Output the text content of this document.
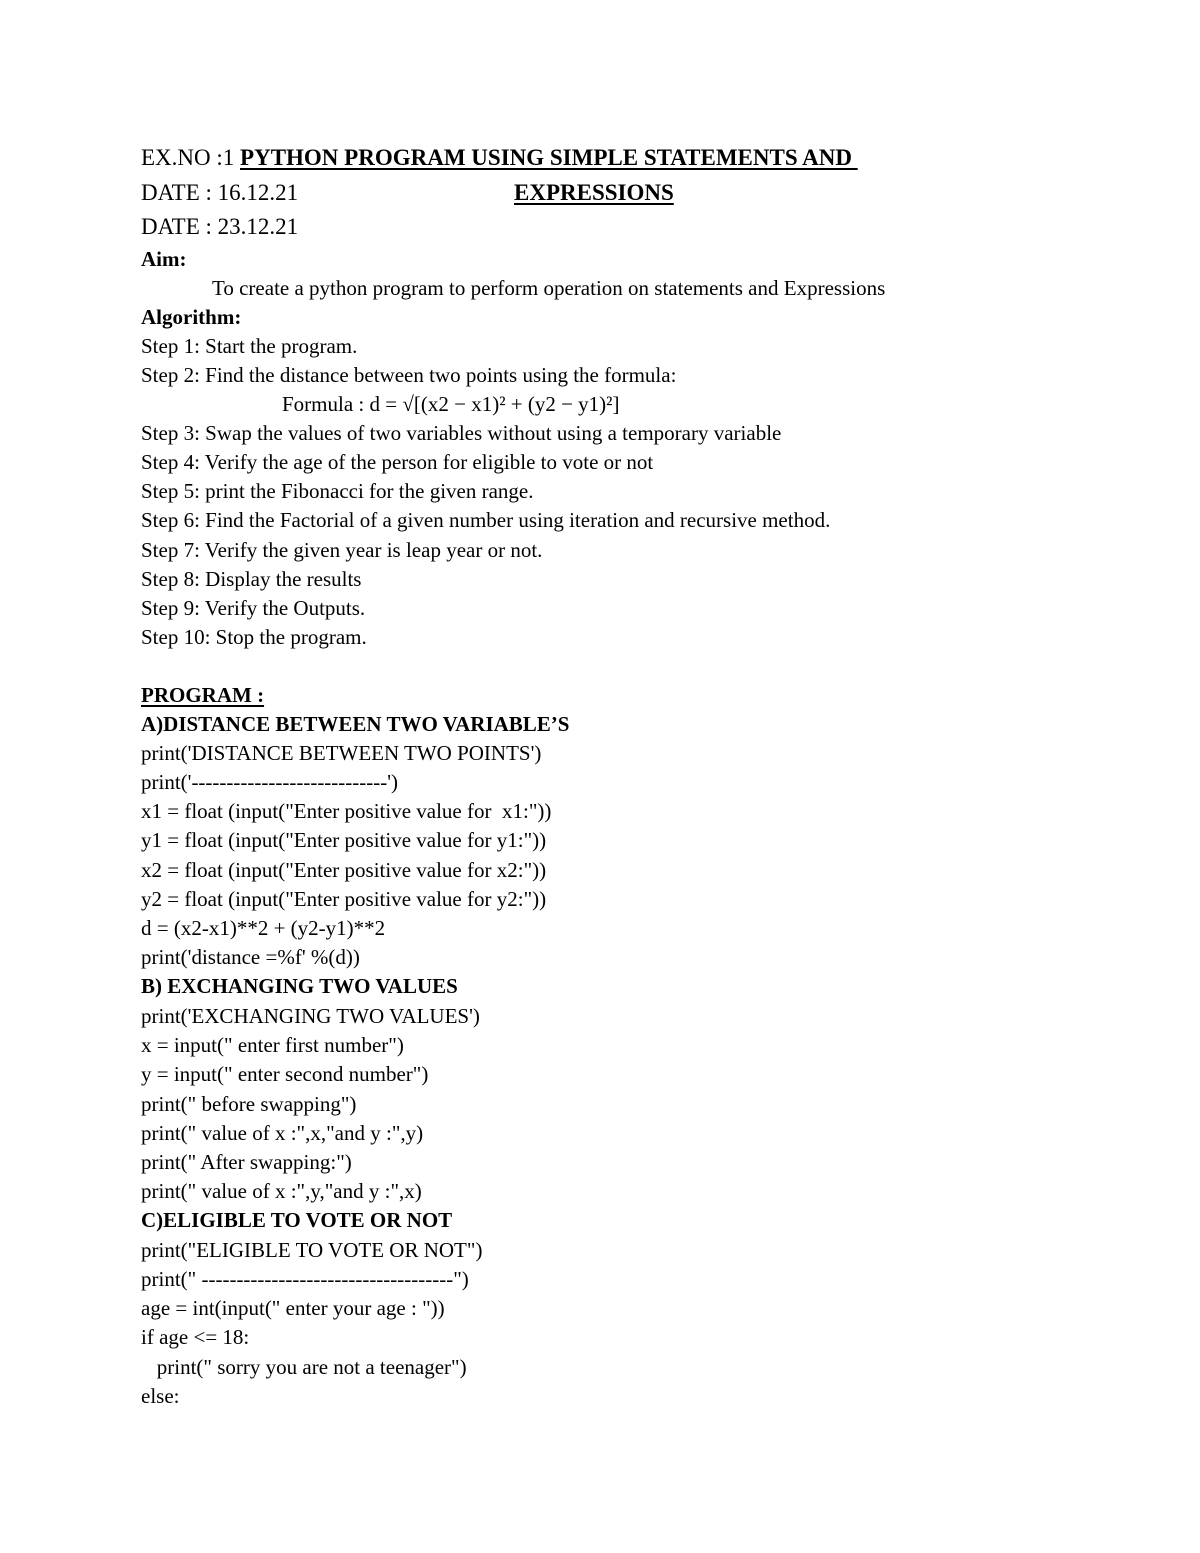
EX.NO :1 PYTHON PROGRAM USING SIMPLE STATEMENTS AND
DATE : 16.12.21	EXPRESSIONS
DATE : 23.12.21
Aim:
To create a python program to perform operation on statements and Expressions
Algorithm:
Step 1: Start the program.
Step 2: Find the distance between two points using the formula:
Formula : d = √[(x2 − x1)² + (y2 − y1)²]
Step 3: Swap the values of two variables without using a temporary variable
Step 4: Verify the age of the person for eligible to vote or not
Step 5: print the Fibonacci for the given range.
Step 6: Find the Factorial of a given number using iteration and recursive method.
Step 7: Verify the given year is leap year or not.
Step 8: Display the results
Step 9: Verify the Outputs.
Step 10: Stop the program.
PROGRAM :
A)DISTANCE BETWEEN TWO VARIABLE’S
print('DISTANCE BETWEEN TWO POINTS')
print('----------------------------')
x1 = float (input("Enter positive value for  x1:"))
y1 = float (input("Enter positive value for y1:"))
x2 = float (input("Enter positive value for x2:"))
y2 = float (input("Enter positive value for y2:"))
d = (x2-x1)**2 + (y2-y1)**2
print('distance =%f' %(d))
B) EXCHANGING TWO VALUES
print('EXCHANGING TWO VALUES')
x = input(" enter first number")
y = input(" enter second number")
print(" before swapping")
print(" value of x :",x,"and y :",y)
print(" After swapping:")
print(" value of x :",y,"and y :",x)
C)ELIGIBLE TO VOTE OR NOT
print("ELIGIBLE TO VOTE OR NOT")
print(" ------------------------------------")
age = int(input(" enter your age : "))
if age <= 18:
print(" sorry you are not a teenager")
else:
